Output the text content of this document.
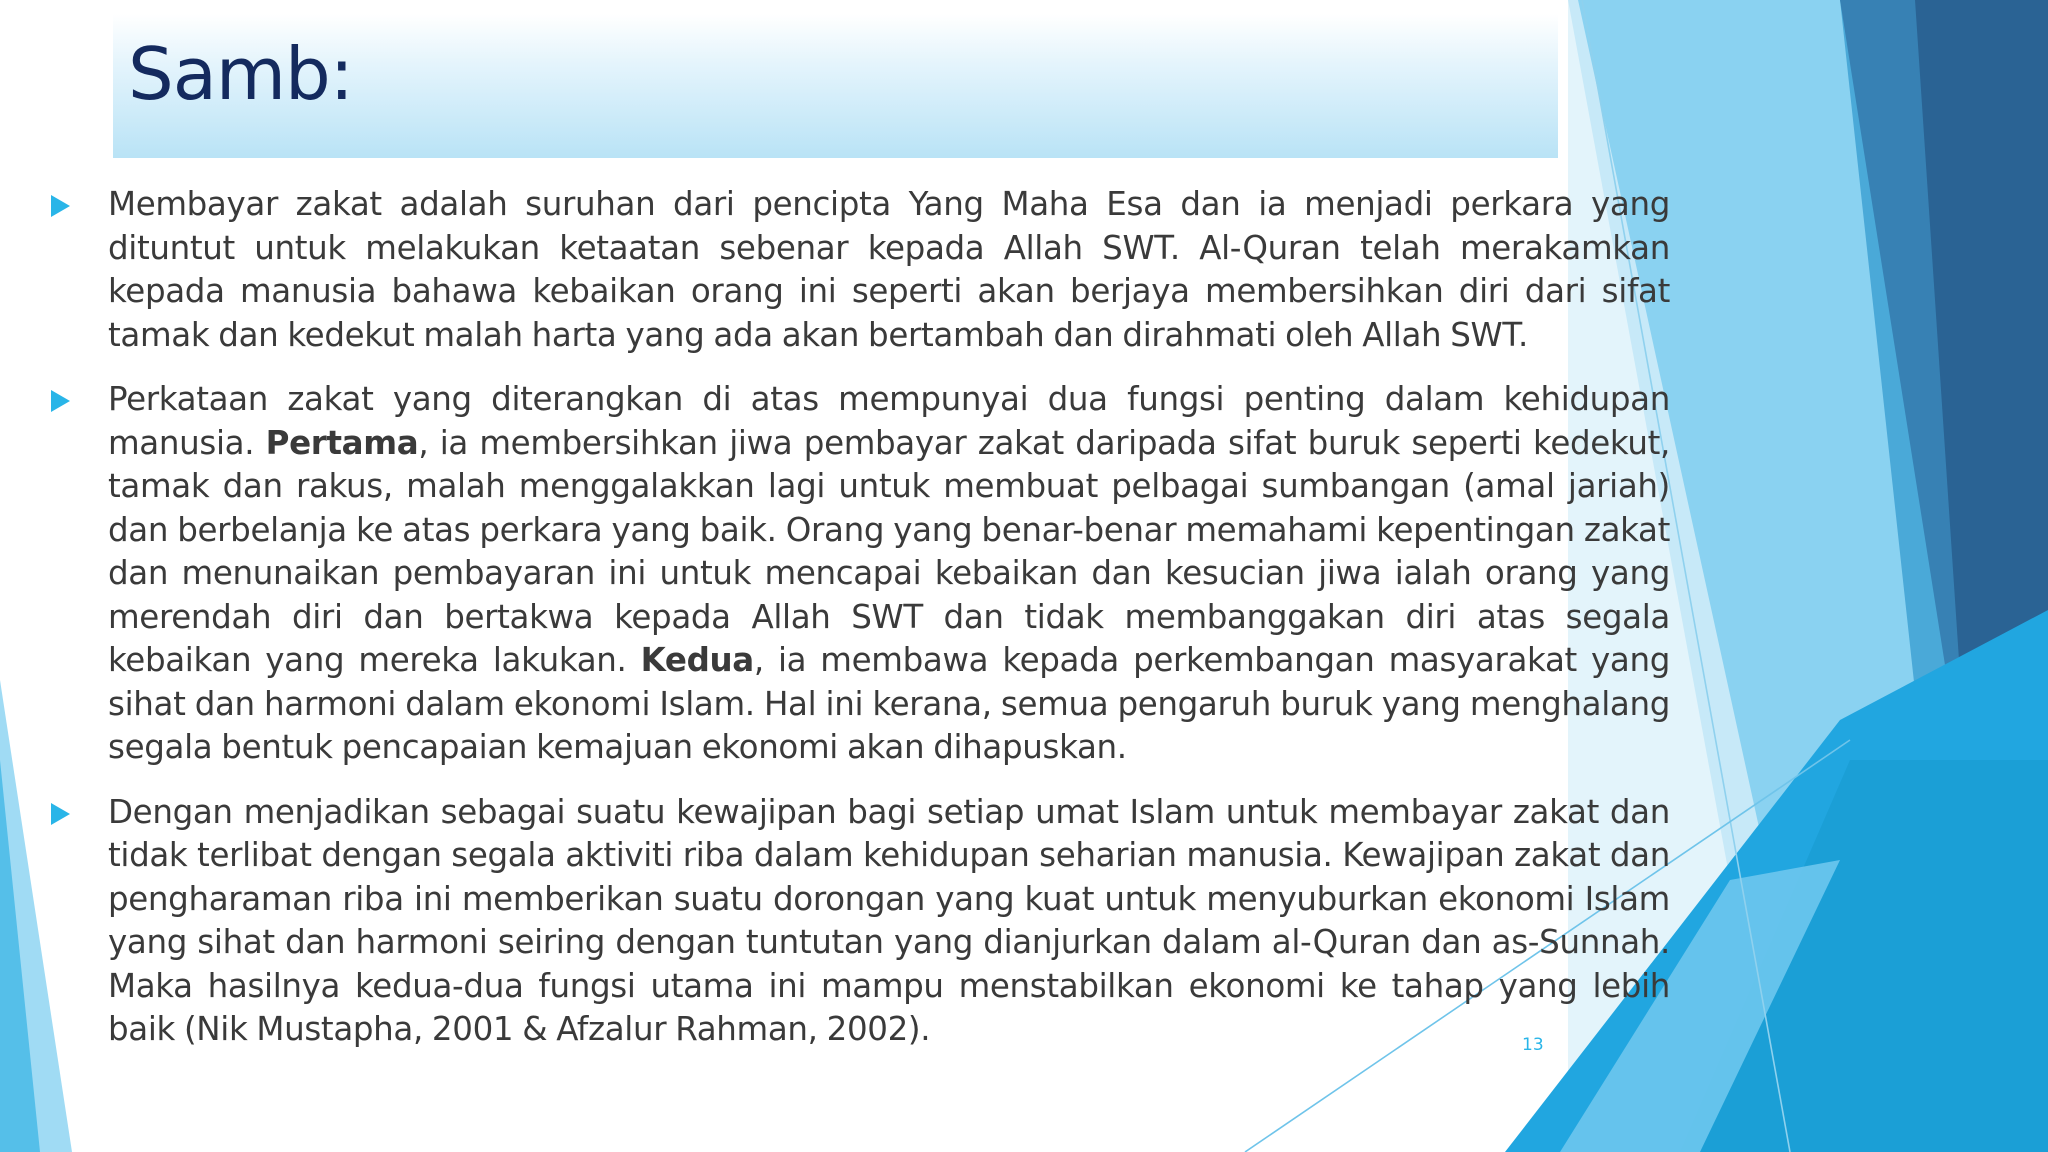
Samb:

Membayar zakat adalah suruhan dari pencipta Yang Maha Esa dan ia menjadi perkara yang dituntut untuk melakukan ketaatan sebenar kepada Allah SWT. Al-Quran telah merakamkan kepada manusia bahawa kebaikan orang ini seperti akan berjaya membersihkan diri dari sifat tamak dan kedekut malah harta yang ada akan bertambah dan dirahmati oleh Allah SWT.

Perkataan zakat yang diterangkan di atas mempunyai dua fungsi penting dalam kehidupan manusia. Pertama, ia membersihkan jiwa pembayar zakat daripada sifat buruk seperti kedekut, tamak dan rakus, malah menggalakkan lagi untuk membuat pelbagai sumbangan (amal jariah) dan berbelanja ke atas perkara yang baik. Orang yang benar-benar memahami kepentingan zakat dan menunaikan pembayaran ini untuk mencapai kebaikan dan kesucian jiwa ialah orang yang merendah diri dan bertakwa kepada Allah SWT dan tidak membanggakan diri atas segala kebaikan yang mereka lakukan. Kedua, ia membawa kepada perkembangan masyarakat yang sihat dan harmoni dalam ekonomi Islam. Hal ini kerana, semua pengaruh buruk yang menghalang segala bentuk pencapaian kemajuan ekonomi akan dihapuskan.

Dengan menjadikan sebagai suatu kewajipan bagi setiap umat Islam untuk membayar zakat dan tidak terlibat dengan segala aktiviti riba dalam kehidupan seharian manusia. Kewajipan zakat dan pengharaman riba ini memberikan suatu dorongan yang kuat untuk menyuburkan ekonomi Islam yang sihat dan harmoni seiring dengan tuntutan yang dianjurkan dalam al-Quran dan as-Sunnah. Maka hasilnya kedua-dua fungsi utama ini mampu menstabilkan ekonomi ke tahap yang lebih baik (Nik Mustapha, 2001 & Afzalur Rahman, 2002).	13
